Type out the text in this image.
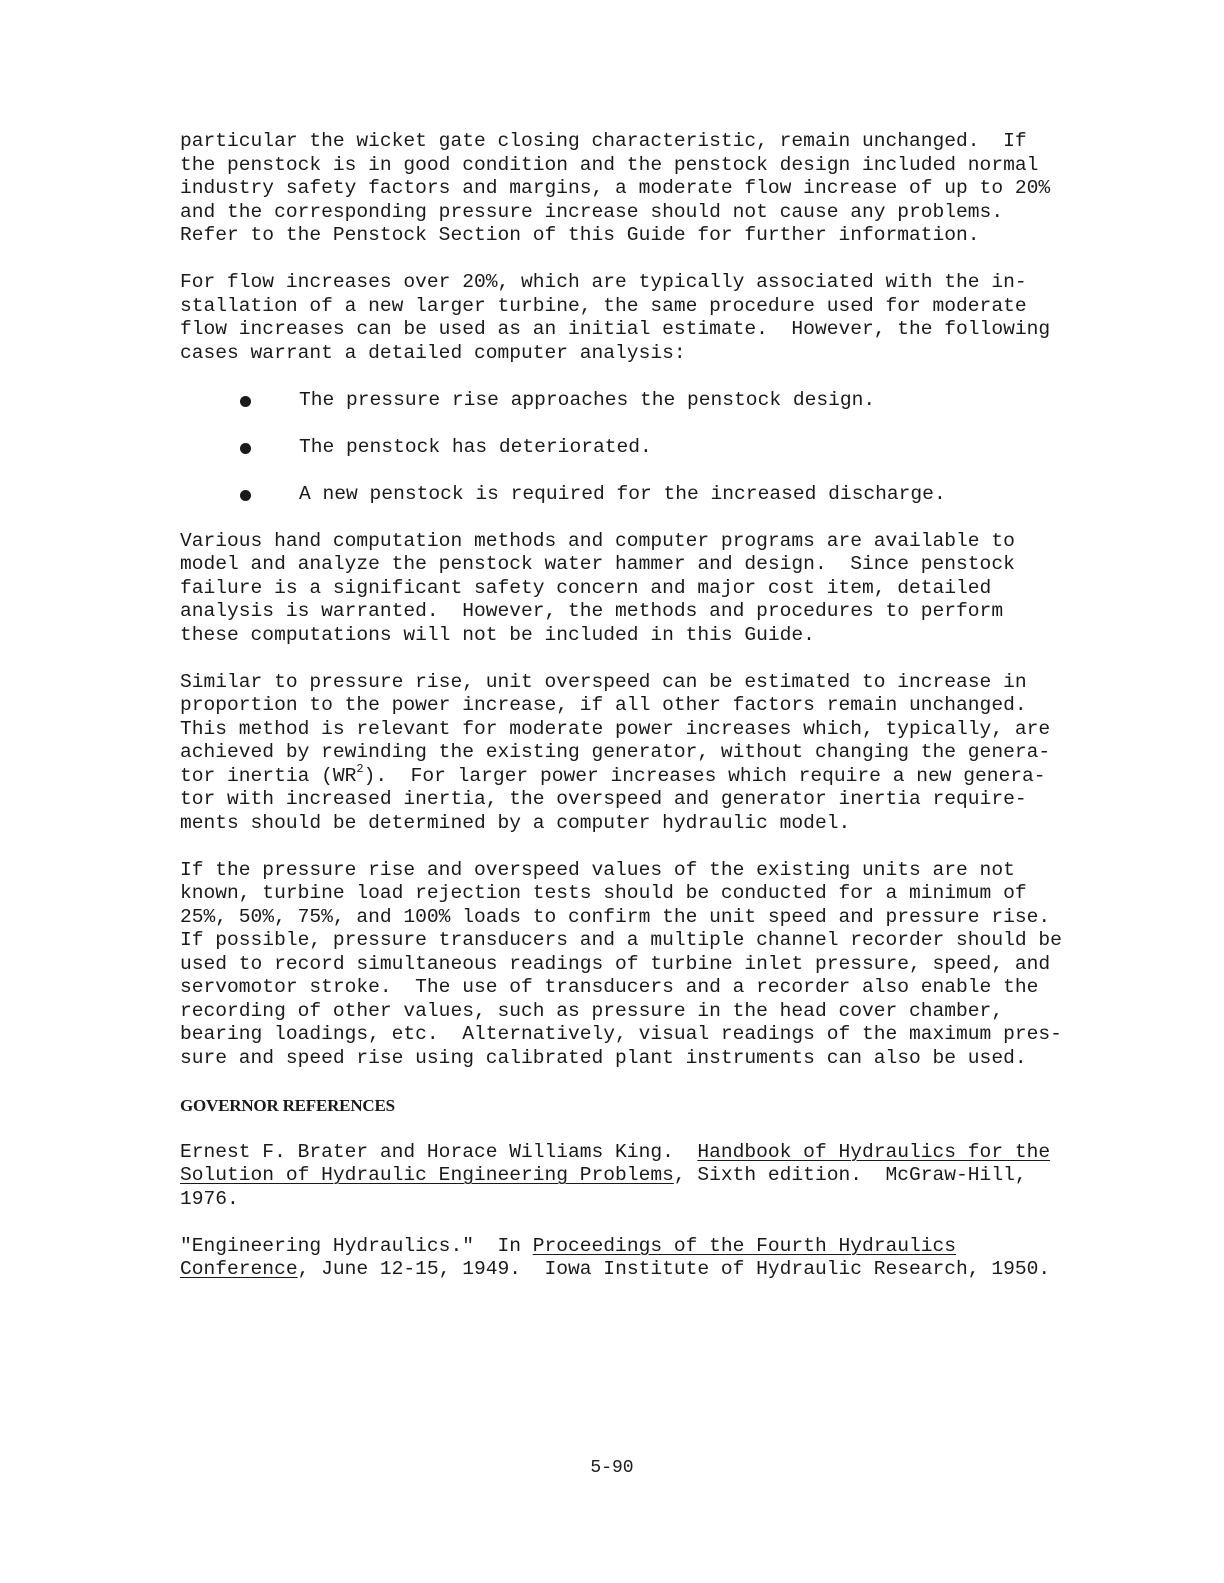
particular the wicket gate closing characteristic, remain unchanged.  If
the penstock is in good condition and the penstock design included normal
industry safety factors and margins, a moderate flow increase of up to 20%
and the corresponding pressure increase should not cause any problems.
Refer to the Penstock Section of this Guide for further information.
For flow increases over 20%, which are typically associated with the in-
stallation of a new larger turbine, the same procedure used for moderate
flow increases can be used as an initial estimate.  However, the following
cases warrant a detailed computer analysis:
The pressure rise approaches the penstock design.
The penstock has deteriorated.
A new penstock is required for the increased discharge.
Various hand computation methods and computer programs are available to
model and analyze the penstock water hammer and design.  Since penstock
failure is a significant safety concern and major cost item, detailed
analysis is warranted.  However, the methods and procedures to perform
these computations will not be included in this Guide.
Similar to pressure rise, unit overspeed can be estimated to increase in
proportion to the power increase, if all other factors remain unchanged.
This method is relevant for moderate power increases which, typically, are
achieved by rewinding the existing generator, without changing the genera-
tor inertia $(WR^2)$.  For larger power increases which require a new genera-
tor with increased inertia, the overspeed and generator inertia require-
ments should be determined by a computer hydraulic model.
If the pressure rise and overspeed values of the existing units are not
known, turbine load rejection tests should be conducted for a minimum of
25%, 50%, 75%, and 100% loads to confirm the unit speed and pressure rise.
If possible, pressure transducers and a multiple channel recorder should be
used to record simultaneous readings of turbine inlet pressure, speed, and
servomotor stroke.  The use of transducers and a recorder also enable the
recording of other values, such as pressure in the head cover chamber,
bearing loadings, etc.  Alternatively, visual readings of the maximum pres-
sure and speed rise using calibrated plant instruments can also be used.
GOVERNOR REFERENCES
Ernest F. Brater and Horace Williams King.  Handbook of Hydraulics for the
Solution of Hydraulic Engineering Problems, Sixth edition.  McGraw-Hill,
1976.
"Engineering Hydraulics."  In Proceedings of the Fourth Hydraulics
Conference, June 12-15, 1949.  Iowa Institute of Hydraulic Research, 1950.
5-90
